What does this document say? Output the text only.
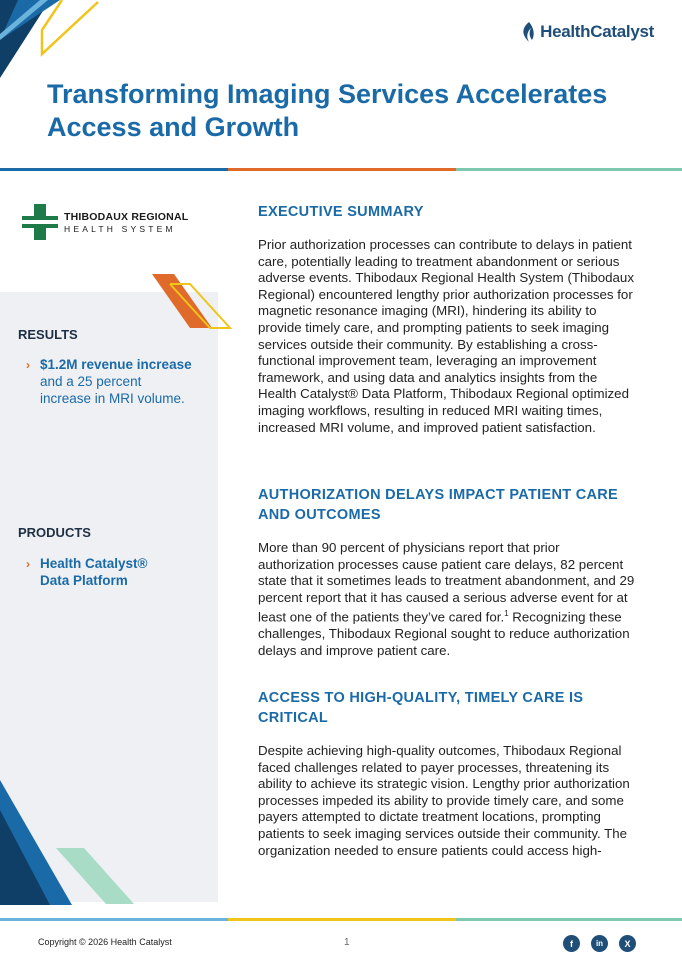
HealthCatalyst
Transforming Imaging Services Accelerates Access and Growth
THIBODAUX REGIONAL
HEALTH SYSTEM
RESULTS
› $1.2M revenue increase and a 25 percent increase in MRI volume.

PRODUCTS
› Health Catalyst® Data Platform

EXECUTIVE SUMMARY

Prior authorization processes can contribute to delays in patient care, potentially leading to treatment abandonment or serious adverse events. Thibodaux Regional Health System (Thibodaux Regional) encountered lengthy prior authorization processes for magnetic resonance imaging (MRI), hindering its ability to provide timely care, and prompting patients to seek imaging services outside their community. By establishing a cross-functional improvement team, leveraging an improvement framework, and using data and analytics insights from the Health Catalyst® Data Platform, Thibodaux Regional optimized imaging workflows, resulting in reduced MRI waiting times, increased MRI volume, and improved patient satisfaction.

AUTHORIZATION DELAYS IMPACT PATIENT CARE AND OUTCOMES

More than 90 percent of physicians report that prior authorization processes cause patient care delays, 82 percent state that it sometimes leads to treatment abandonment, and 29 percent report that it has caused a serious adverse event for at least one of the patients they’ve cared for.$^1$ Recognizing these challenges, Thibodaux Regional sought to reduce authorization delays and improve patient care.

ACCESS TO HIGH-QUALITY, TIMELY CARE IS CRITICAL

Despite achieving high-quality outcomes, Thibodaux Regional faced challenges related to payer processes, threatening its ability to achieve its strategic vision. Lengthy prior authorization processes impeded its ability to provide timely care, and some payers attempted to dictate treatment locations, prompting patients to seek imaging services outside their community. The organization needed to ensure patients could access high-

Copyright © 2026 Health Catalyst	1	f	in	X
